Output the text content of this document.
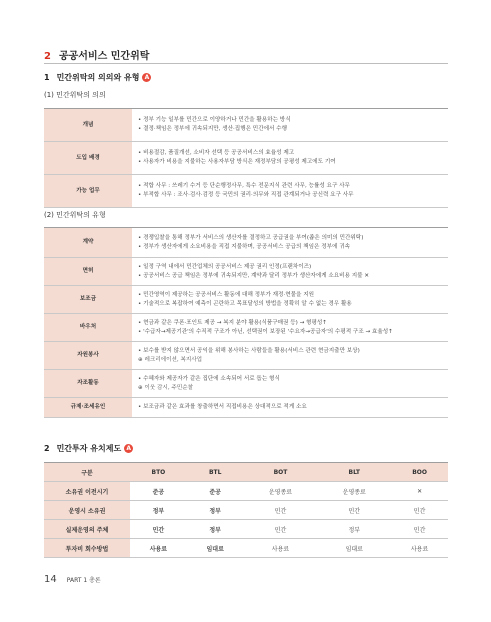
2 공공서비스 민간위탁
1 민간위탁의 의의와 유형 A
(1) 민간위탁의 의의
개념	• 정부 기능 일부를 민간으로 이양하거나 민간을 활용하는 방식
• 결정·책임은 정부에 귀속되지만, 생산·집행은 민간에서 수행

도입 배경	• 비용절감, 품질개선, 소비자 선택 등 공공서비스의 효율성 제고
• 사용자가 비용을 지불하는 사용자부담 방식은 재정부담의 공평성 제고에도 기여

가능 업무	• 적합 사무 : 쓰레기 수거 등 단순행정사무, 특수 전문지식 관련 사무, 능률성 요구 사무
• 부적합 사무 : 조사·검사·검정 등 국민의 권리·의무와 직접 관계되거나 공신력 요구 사무
(2) 민간위탁의 유형
계약	• 경쟁입찰을 통해 정부가 서비스의 생산자를 결정하고 공급권을 부여(좁은 의미의 민간위탁)
• 정부가 생산자에게 소요비용을 직접 지불하며, 공공서비스 공급의 책임은 정부에 귀속

면허	• 일정 구역 내에서 민간업체의 공공서비스 제공 권리 인정(프랜차이즈)
• 공공서비스 공급 책임은 정부에 귀속되지만, 계약과 달리 정부가 생산자에게 소요비용 지불 ✕

보조금	• 민간영역이 제공하는 공공서비스 활동에 대해 정부가 재정·현물을 지원
• 기술적으로 복잡하여 예측이 곤란하고 목표달성의 방법을 정확히 알 수 없는 경우 활용

바우처	• 현금과 같은 쿠폰·포인트 제공 → 복지 분야 활용(식품구매권 등) → 형평성↑
• '수급자→제공기관'의 수직적 구조가 아닌, 선택권이 보장된 '수요자→공급자'의 수평적 구조 → 효율성↑

자원봉사	• 보수를 받지 않으면서 공익을 위해 봉사하는 사람들을 활용(서비스 관련 현금지출만 보상)
⊕ 레크리에이션, 복지사업

자조활동	• 수혜자와 제공자가 같은 집단에 소속되어 서로 돕는 형식
⊕ 이웃 감시, 주민순찰

규제·조세유인	• 보조금과 같은 효과를 창출하면서 직접비용은 상대적으로 적게 소요
2 민간투자 유치제도 A
구분	BTO	BTL	BOT	BLT	BOO
소유권 이전시기	준공	준공	운영종료	운영종료	✕
운영시 소유권	정부	정부	민간	민간	민간
실제운영의 주체	민간	정부	민간	정부	민간
투자비 회수방법	사용료	임대료	사용료	임대료	사용료
14 PART 1 총론
